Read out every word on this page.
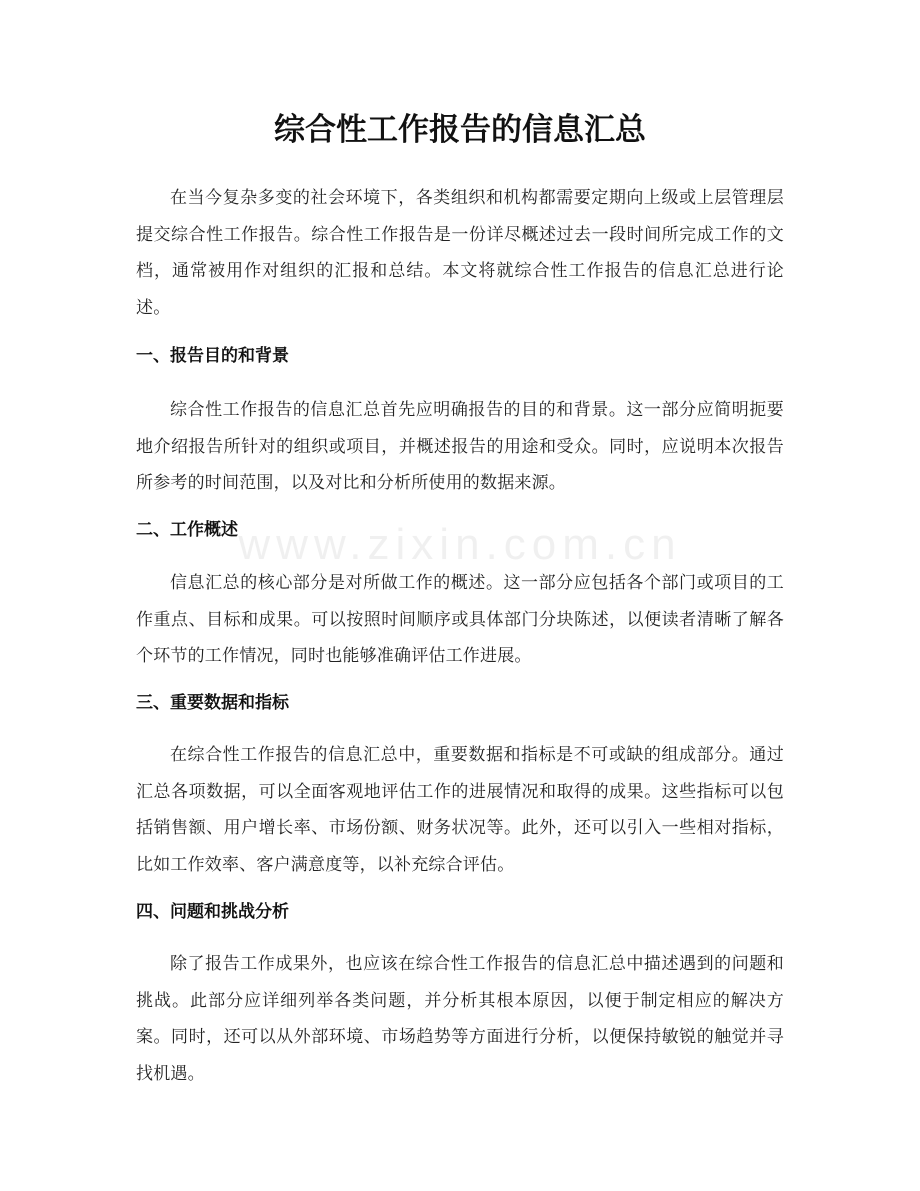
www.zixin.com.cn
综合性工作报告的信息汇总

在当今复杂多变的社会环境下，各类组织和机构都需要定期向上级或上层管理层提交综合性工作报告。综合性工作报告是一份详尽概述过去一段时间所完成工作的文档，通常被用作对组织的汇报和总结。本文将就综合性工作报告的信息汇总进行论述。

一、报告目的和背景

综合性工作报告的信息汇总首先应明确报告的目的和背景。这一部分应简明扼要地介绍报告所针对的组织或项目，并概述报告的用途和受众。同时，应说明本次报告所参考的时间范围，以及对比和分析所使用的数据来源。

二、工作概述

信息汇总的核心部分是对所做工作的概述。这一部分应包括各个部门或项目的工作重点、目标和成果。可以按照时间顺序或具体部门分块陈述，以便读者清晰了解各个环节的工作情况，同时也能够准确评估工作进展。

三、重要数据和指标

在综合性工作报告的信息汇总中，重要数据和指标是不可或缺的组成部分。通过汇总各项数据，可以全面客观地评估工作的进展情况和取得的成果。这些指标可以包括销售额、用户增长率、市场份额、财务状况等。此外，还可以引入一些相对指标，比如工作效率、客户满意度等，以补充综合评估。

四、问题和挑战分析

除了报告工作成果外，也应该在综合性工作报告的信息汇总中描述遇到的问题和挑战。此部分应详细列举各类问题，并分析其根本原因，以便于制定相应的解决方案。同时，还可以从外部环境、市场趋势等方面进行分析，以便保持敏锐的触觉并寻找机遇。
